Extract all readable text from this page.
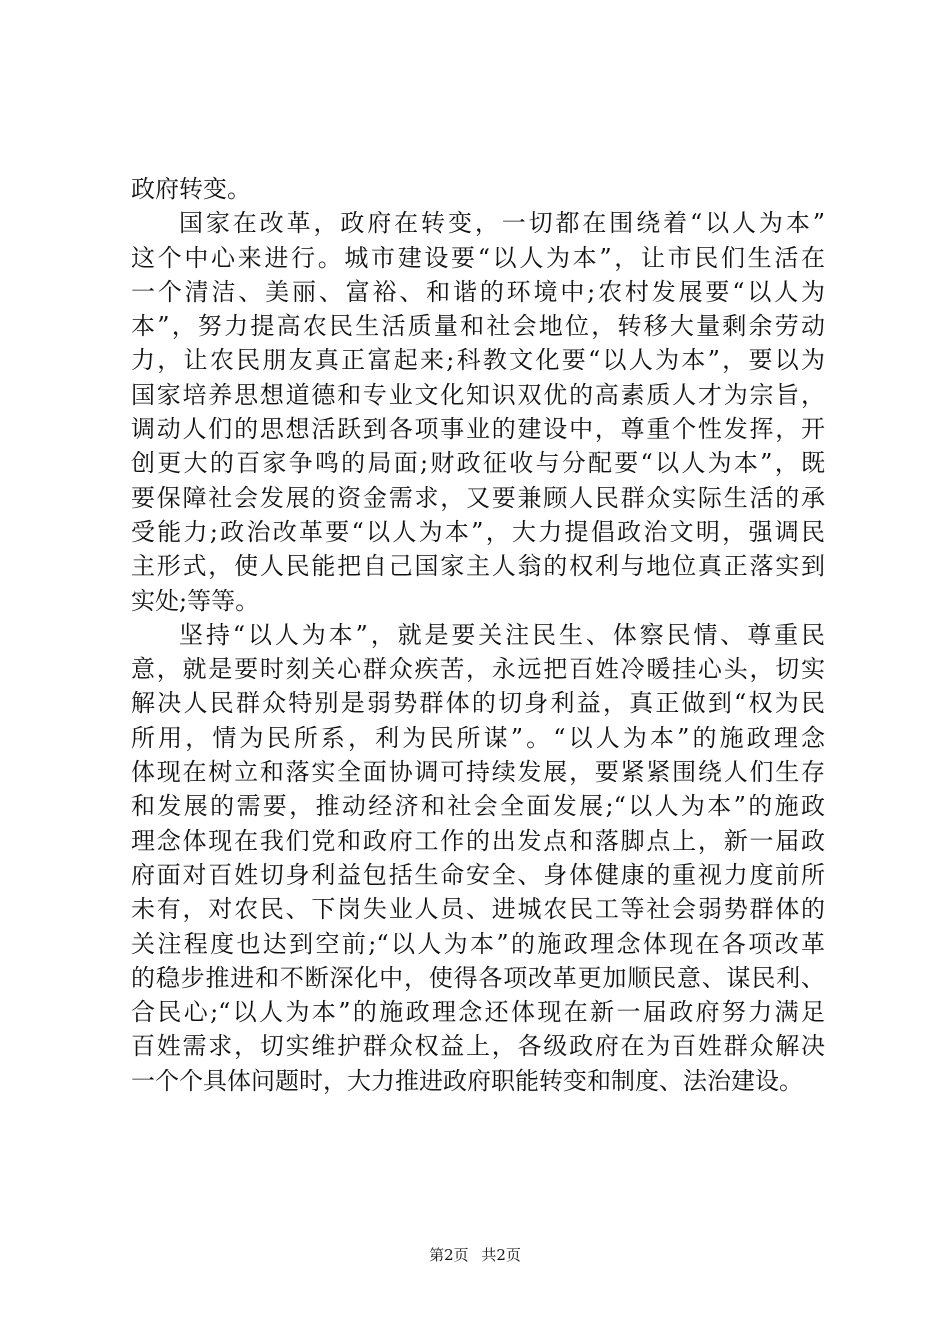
政府转变。
国家在改革，政府在转变，一切都在围绕着“以人为本”
这个中心来进行。城市建设要“以人为本”，让市民们生活在
一个清洁、美丽、富裕、和谐的环境中;农村发展要“以人为
本”，努力提高农民生活质量和社会地位，转移大量剩余劳动
力，让农民朋友真正富起来;科教文化要“以人为本”，要以为
国家培养思想道德和专业文化知识双优的高素质人才为宗旨，
调动人们的思想活跃到各项事业的建设中，尊重个性发挥，开
创更大的百家争鸣的局面;财政征收与分配要“以人为本”，既
要保障社会发展的资金需求，又要兼顾人民群众实际生活的承
受能力;政治改革要“以人为本”，大力提倡政治文明，强调民
主形式，使人民能把自己国家主人翁的权利与地位真正落实到
实处;等等。
坚持“以人为本”，就是要关注民生、体察民情、尊重民
意，就是要时刻关心群众疾苦，永远把百姓冷暖挂心头，切实
解决人民群众特别是弱势群体的切身利益，真正做到“权为民
所用，情为民所系，利为民所谋”。“以人为本”的施政理念
体现在树立和落实全面协调可持续发展，要紧紧围绕人们生存
和发展的需要，推动经济和社会全面发展;“以人为本”的施政
理念体现在我们党和政府工作的出发点和落脚点上，新一届政
府面对百姓切身利益包括生命安全、身体健康的重视力度前所
未有，对农民、下岗失业人员、进城农民工等社会弱势群体的
关注程度也达到空前;“以人为本”的施政理念体现在各项改革
的稳步推进和不断深化中，使得各项改革更加顺民意、谋民利、
合民心;“以人为本”的施政理念还体现在新一届政府努力满足
百姓需求，切实维护群众权益上，各级政府在为百姓群众解决
一个个具体问题时，大力推进政府职能转变和制度、法治建设。
第2页 共2页
